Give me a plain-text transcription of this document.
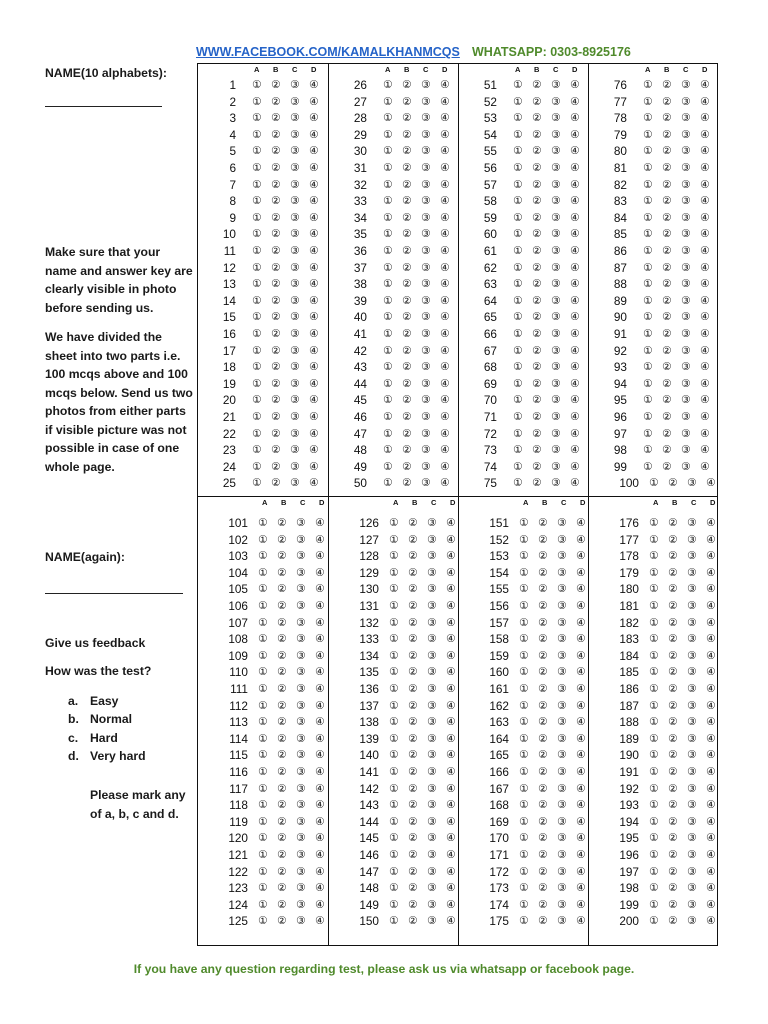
WWW.FACEBOOK.COM/KAMALKHANMCQS WHATSAPP: 0303-8925176
NAME(10 alphabets):
Make sure that your name and answer key are clearly visible in photo before sending us.
We have divided the sheet into two parts i.e. 100 mcqs above and 100 mcqs below. Send us two photos from either parts if visible picture was not possible in case of one whole page.
NAME(again):
Give us feedback
How was the test?
a. Easy
b. Normal
c. Hard
d. Very hard
Please mark any of a, b, c and d.
A B C D
1 ① ② ③ ④
2 ① ② ③ ④
3 ① ② ③ ④
4 ① ② ③ ④
5 ① ② ③ ④
6 ① ② ③ ④
7 ① ② ③ ④
8 ① ② ③ ④
9 ① ② ③ ④
10 ① ② ③ ④
11 ① ② ③ ④
12 ① ② ③ ④
13 ① ② ③ ④
14 ① ② ③ ④
15 ① ② ③ ④
16 ① ② ③ ④
17 ① ② ③ ④
18 ① ② ③ ④
19 ① ② ③ ④
20 ① ② ③ ④
21 ① ② ③ ④
22 ① ② ③ ④
23 ① ② ③ ④
24 ① ② ③ ④
25 ① ② ③ ④
A B C D
26 ① ② ③ ④
27 ① ② ③ ④
28 ① ② ③ ④
29 ① ② ③ ④
30 ① ② ③ ④
31 ① ② ③ ④
32 ① ② ③ ④
33 ① ② ③ ④
34 ① ② ③ ④
35 ① ② ③ ④
36 ① ② ③ ④
37 ① ② ③ ④
38 ① ② ③ ④
39 ① ② ③ ④
40 ① ② ③ ④
41 ① ② ③ ④
42 ① ② ③ ④
43 ① ② ③ ④
44 ① ② ③ ④
45 ① ② ③ ④
46 ① ② ③ ④
47 ① ② ③ ④
48 ① ② ③ ④
49 ① ② ③ ④
50 ① ② ③ ④
A B C D
51 ① ② ③ ④
52 ① ② ③ ④
53 ① ② ③ ④
54 ① ② ③ ④
55 ① ② ③ ④
56 ① ② ③ ④
57 ① ② ③ ④
58 ① ② ③ ④
59 ① ② ③ ④
60 ① ② ③ ④
61 ① ② ③ ④
62 ① ② ③ ④
63 ① ② ③ ④
64 ① ② ③ ④
65 ① ② ③ ④
66 ① ② ③ ④
67 ① ② ③ ④
68 ① ② ③ ④
69 ① ② ③ ④
70 ① ② ③ ④
71 ① ② ③ ④
72 ① ② ③ ④
73 ① ② ③ ④
74 ① ② ③ ④
75 ① ② ③ ④
A B C D
76 ① ② ③ ④
77 ① ② ③ ④
78 ① ② ③ ④
79 ① ② ③ ④
80 ① ② ③ ④
81 ① ② ③ ④
82 ① ② ③ ④
83 ① ② ③ ④
84 ① ② ③ ④
85 ① ② ③ ④
86 ① ② ③ ④
87 ① ② ③ ④
88 ① ② ③ ④
89 ① ② ③ ④
90 ① ② ③ ④
91 ① ② ③ ④
92 ① ② ③ ④
93 ① ② ③ ④
94 ① ② ③ ④
95 ① ② ③ ④
96 ① ② ③ ④
97 ① ② ③ ④
98 ① ② ③ ④
99 ① ② ③ ④
100 ① ② ③ ④
A B C D
101 ① ② ③ ④
102 ① ② ③ ④
103 ① ② ③ ④
104 ① ② ③ ④
105 ① ② ③ ④
106 ① ② ③ ④
107 ① ② ③ ④
108 ① ② ③ ④
109 ① ② ③ ④
110 ① ② ③ ④
111 ① ② ③ ④
112 ① ② ③ ④
113 ① ② ③ ④
114 ① ② ③ ④
115 ① ② ③ ④
116 ① ② ③ ④
117 ① ② ③ ④
118 ① ② ③ ④
119 ① ② ③ ④
120 ① ② ③ ④
121 ① ② ③ ④
122 ① ② ③ ④
123 ① ② ③ ④
124 ① ② ③ ④
125 ① ② ③ ④
A B C D
126 ① ② ③ ④
127 ① ② ③ ④
128 ① ② ③ ④
129 ① ② ③ ④
130 ① ② ③ ④
131 ① ② ③ ④
132 ① ② ③ ④
133 ① ② ③ ④
134 ① ② ③ ④
135 ① ② ③ ④
136 ① ② ③ ④
137 ① ② ③ ④
138 ① ② ③ ④
139 ① ② ③ ④
140 ① ② ③ ④
141 ① ② ③ ④
142 ① ② ③ ④
143 ① ② ③ ④
144 ① ② ③ ④
145 ① ② ③ ④
146 ① ② ③ ④
147 ① ② ③ ④
148 ① ② ③ ④
149 ① ② ③ ④
150 ① ② ③ ④
A B C D
151 ① ② ③ ④
152 ① ② ③ ④
153 ① ② ③ ④
154 ① ② ③ ④
155 ① ② ③ ④
156 ① ② ③ ④
157 ① ② ③ ④
158 ① ② ③ ④
159 ① ② ③ ④
160 ① ② ③ ④
161 ① ② ③ ④
162 ① ② ③ ④
163 ① ② ③ ④
164 ① ② ③ ④
165 ① ② ③ ④
166 ① ② ③ ④
167 ① ② ③ ④
168 ① ② ③ ④
169 ① ② ③ ④
170 ① ② ③ ④
171 ① ② ③ ④
172 ① ② ③ ④
173 ① ② ③ ④
174 ① ② ③ ④
175 ① ② ③ ④
A B C D
176 ① ② ③ ④
177 ① ② ③ ④
178 ① ② ③ ④
179 ① ② ③ ④
180 ① ② ③ ④
181 ① ② ③ ④
182 ① ② ③ ④
183 ① ② ③ ④
184 ① ② ③ ④
185 ① ② ③ ④
186 ① ② ③ ④
187 ① ② ③ ④
188 ① ② ③ ④
189 ① ② ③ ④
190 ① ② ③ ④
191 ① ② ③ ④
192 ① ② ③ ④
193 ① ② ③ ④
194 ① ② ③ ④
195 ① ② ③ ④
196 ① ② ③ ④
197 ① ② ③ ④
198 ① ② ③ ④
199 ① ② ③ ④
200 ① ② ③ ④
If you have any question regarding test, please ask us via whatsapp or facebook page.
